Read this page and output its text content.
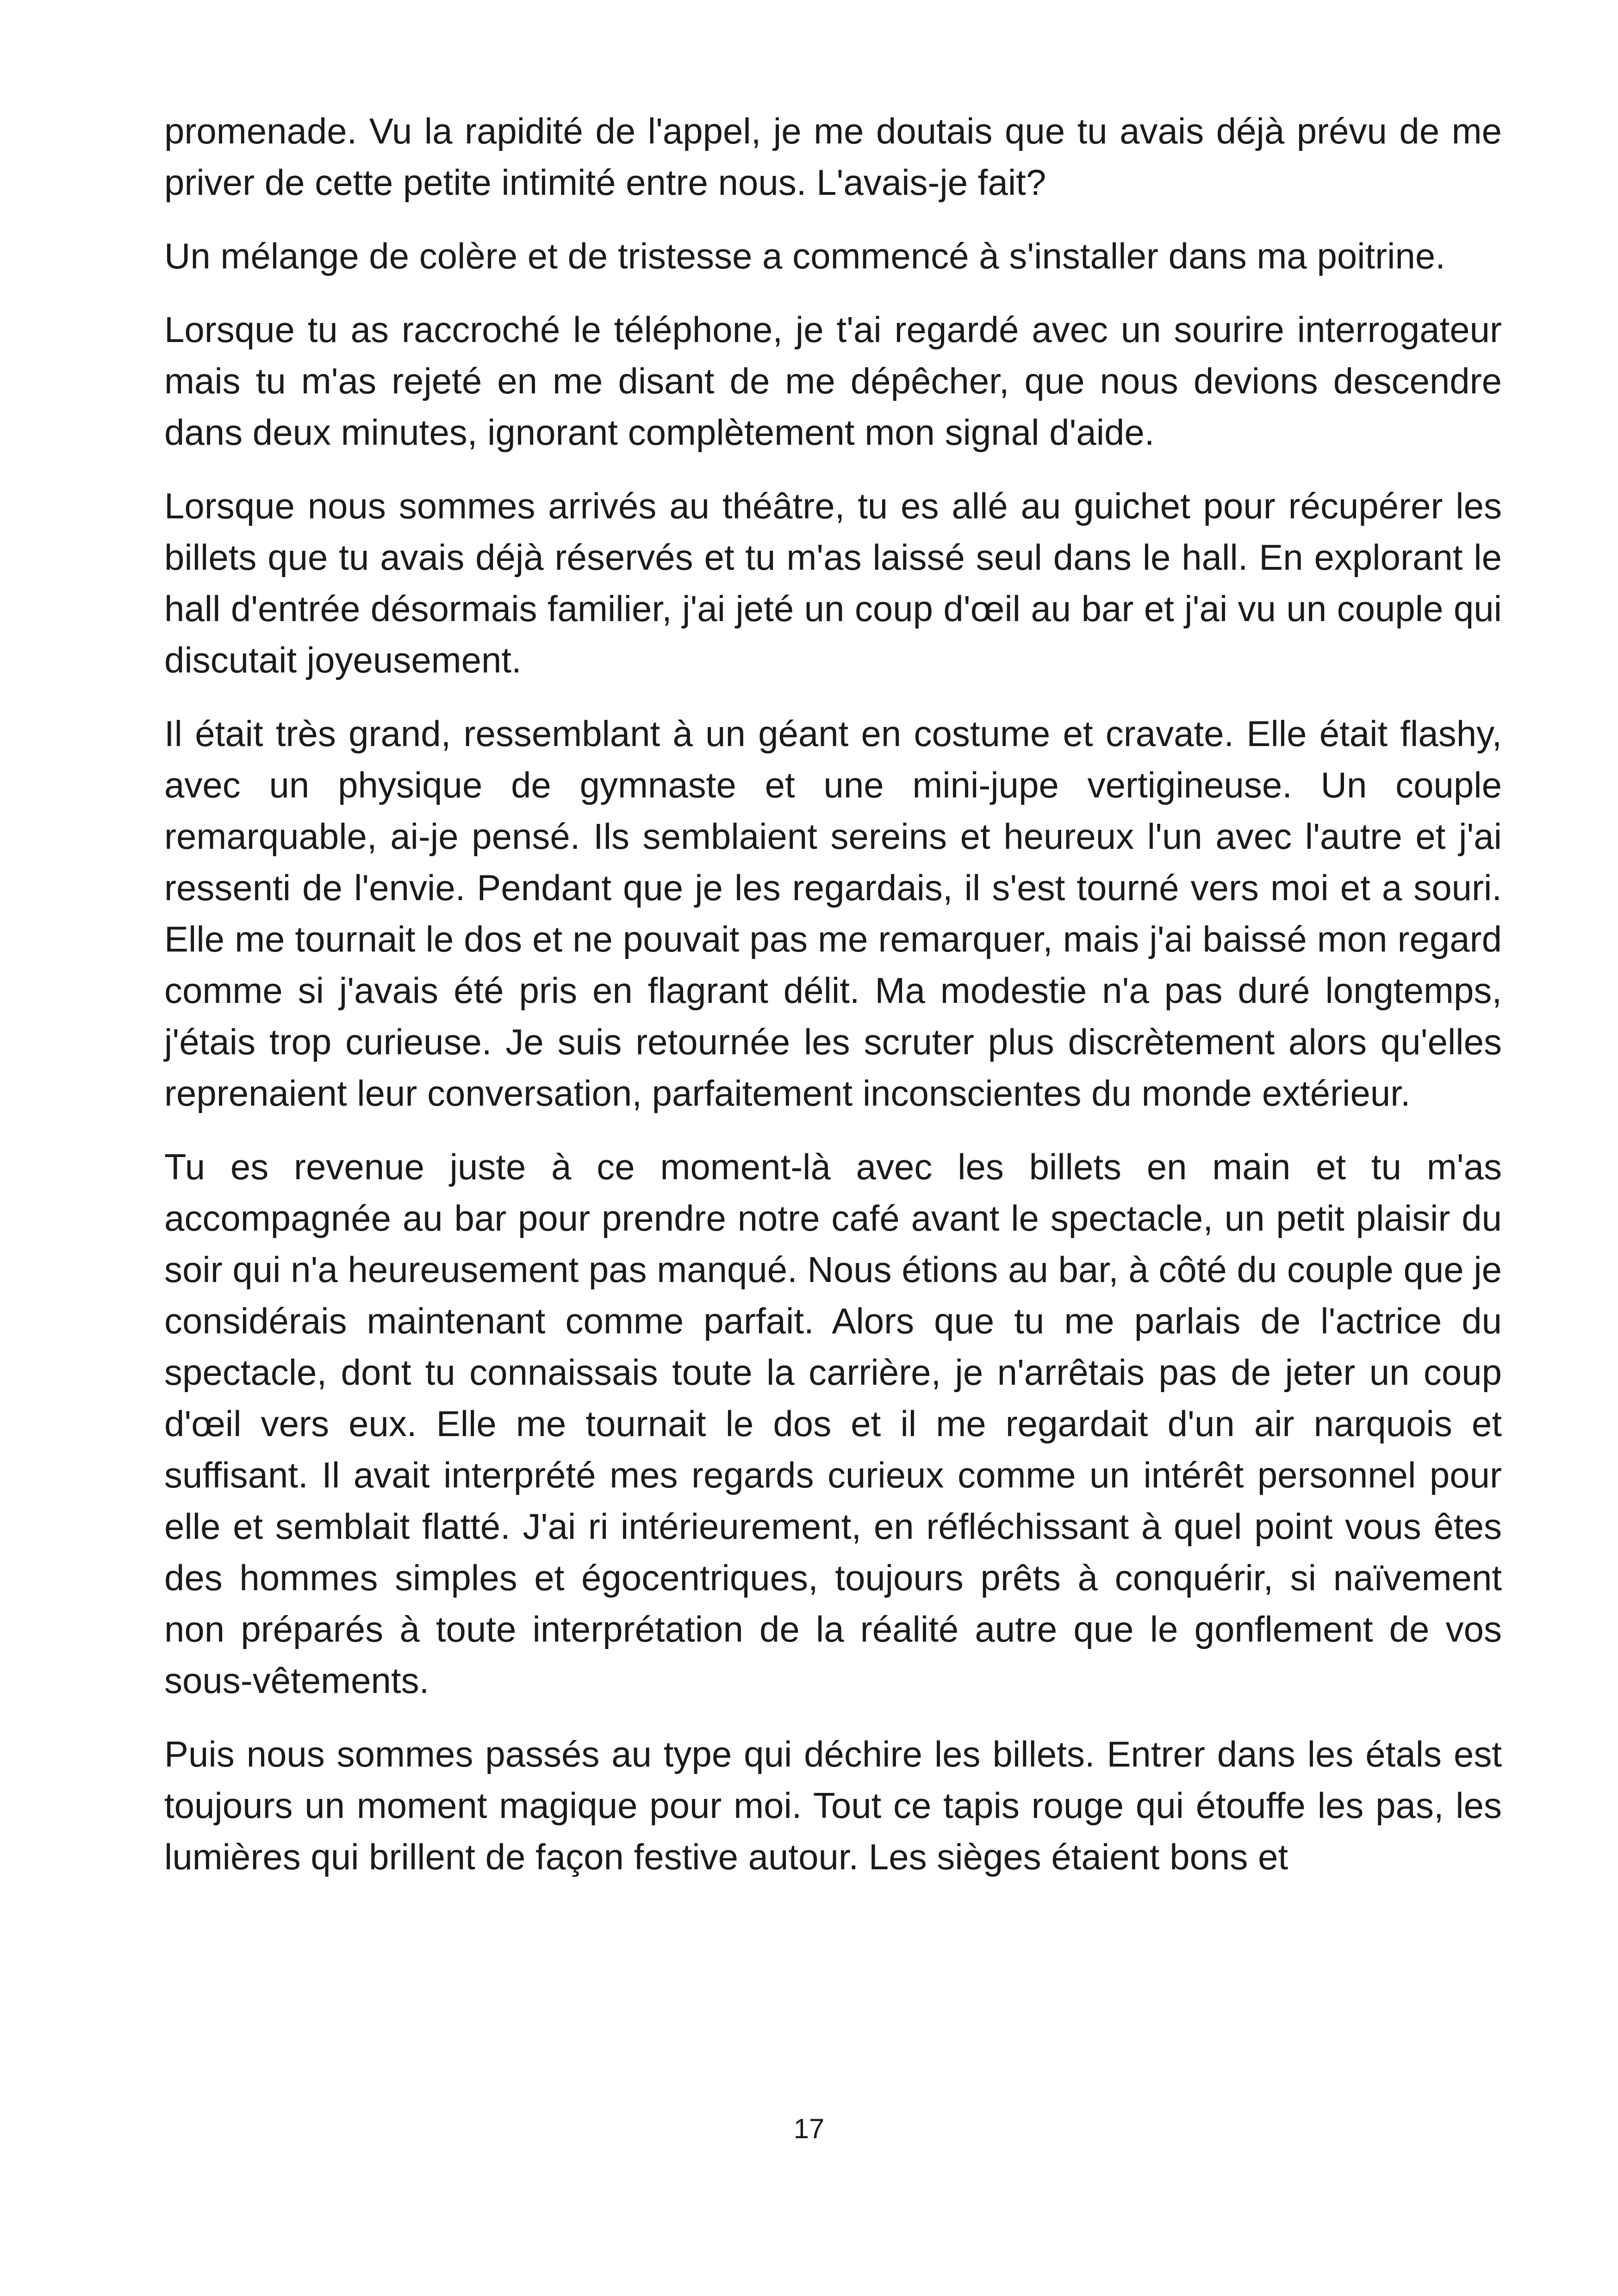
promenade. Vu la rapidité de l'appel, je me doutais que tu avais déjà prévu de me priver de cette petite intimité entre nous. L'avais-je fait?

Un mélange de colère et de tristesse a commencé à s'installer dans ma poitrine.

Lorsque tu as raccroché le téléphone, je t'ai regardé avec un sourire interrogateur mais tu m'as rejeté en me disant de me dépêcher, que nous devions descendre dans deux minutes, ignorant complètement mon signal d'aide.

Lorsque nous sommes arrivés au théâtre, tu es allé au guichet pour récupérer les billets que tu avais déjà réservés et tu m'as laissé seul dans le hall. En explorant le hall d'entrée désormais familier, j'ai jeté un coup d'œil au bar et j'ai vu un couple qui discutait joyeusement.

Il était très grand, ressemblant à un géant en costume et cravate. Elle était flashy, avec un physique de gymnaste et une mini-jupe vertigineuse. Un couple remarquable, ai-je pensé. Ils semblaient sereins et heureux l'un avec l'autre et j'ai ressenti de l'envie. Pendant que je les regardais, il s'est tourné vers moi et a souri. Elle me tournait le dos et ne pouvait pas me remarquer, mais j'ai baissé mon regard comme si j'avais été pris en flagrant délit. Ma modestie n'a pas duré longtemps, j'étais trop curieuse. Je suis retournée les scruter plus discrètement alors qu'elles reprenaient leur conversation, parfaitement inconscientes du monde extérieur.

Tu es revenue juste à ce moment-là avec les billets en main et tu m'as accompagnée au bar pour prendre notre café avant le spectacle, un petit plaisir du soir qui n'a heureusement pas manqué. Nous étions au bar, à côté du couple que je considérais maintenant comme parfait. Alors que tu me parlais de l'actrice du spectacle, dont tu connaissais toute la carrière, je n'arrêtais pas de jeter un coup d'œil vers eux. Elle me tournait le dos et il me regardait d'un air narquois et suffisant. Il avait interprété mes regards curieux comme un intérêt personnel pour elle et semblait flatté. J'ai ri intérieurement, en réfléchissant à quel point vous êtes des hommes simples et égocentriques, toujours prêts à conquérir, si naïvement non préparés à toute interprétation de la réalité autre que le gonflement de vos sous-vêtements.

Puis nous sommes passés au type qui déchire les billets. Entrer dans les étals est toujours un moment magique pour moi. Tout ce tapis rouge qui étouffe les pas, les lumières qui brillent de façon festive autour. Les sièges étaient bons et

17
